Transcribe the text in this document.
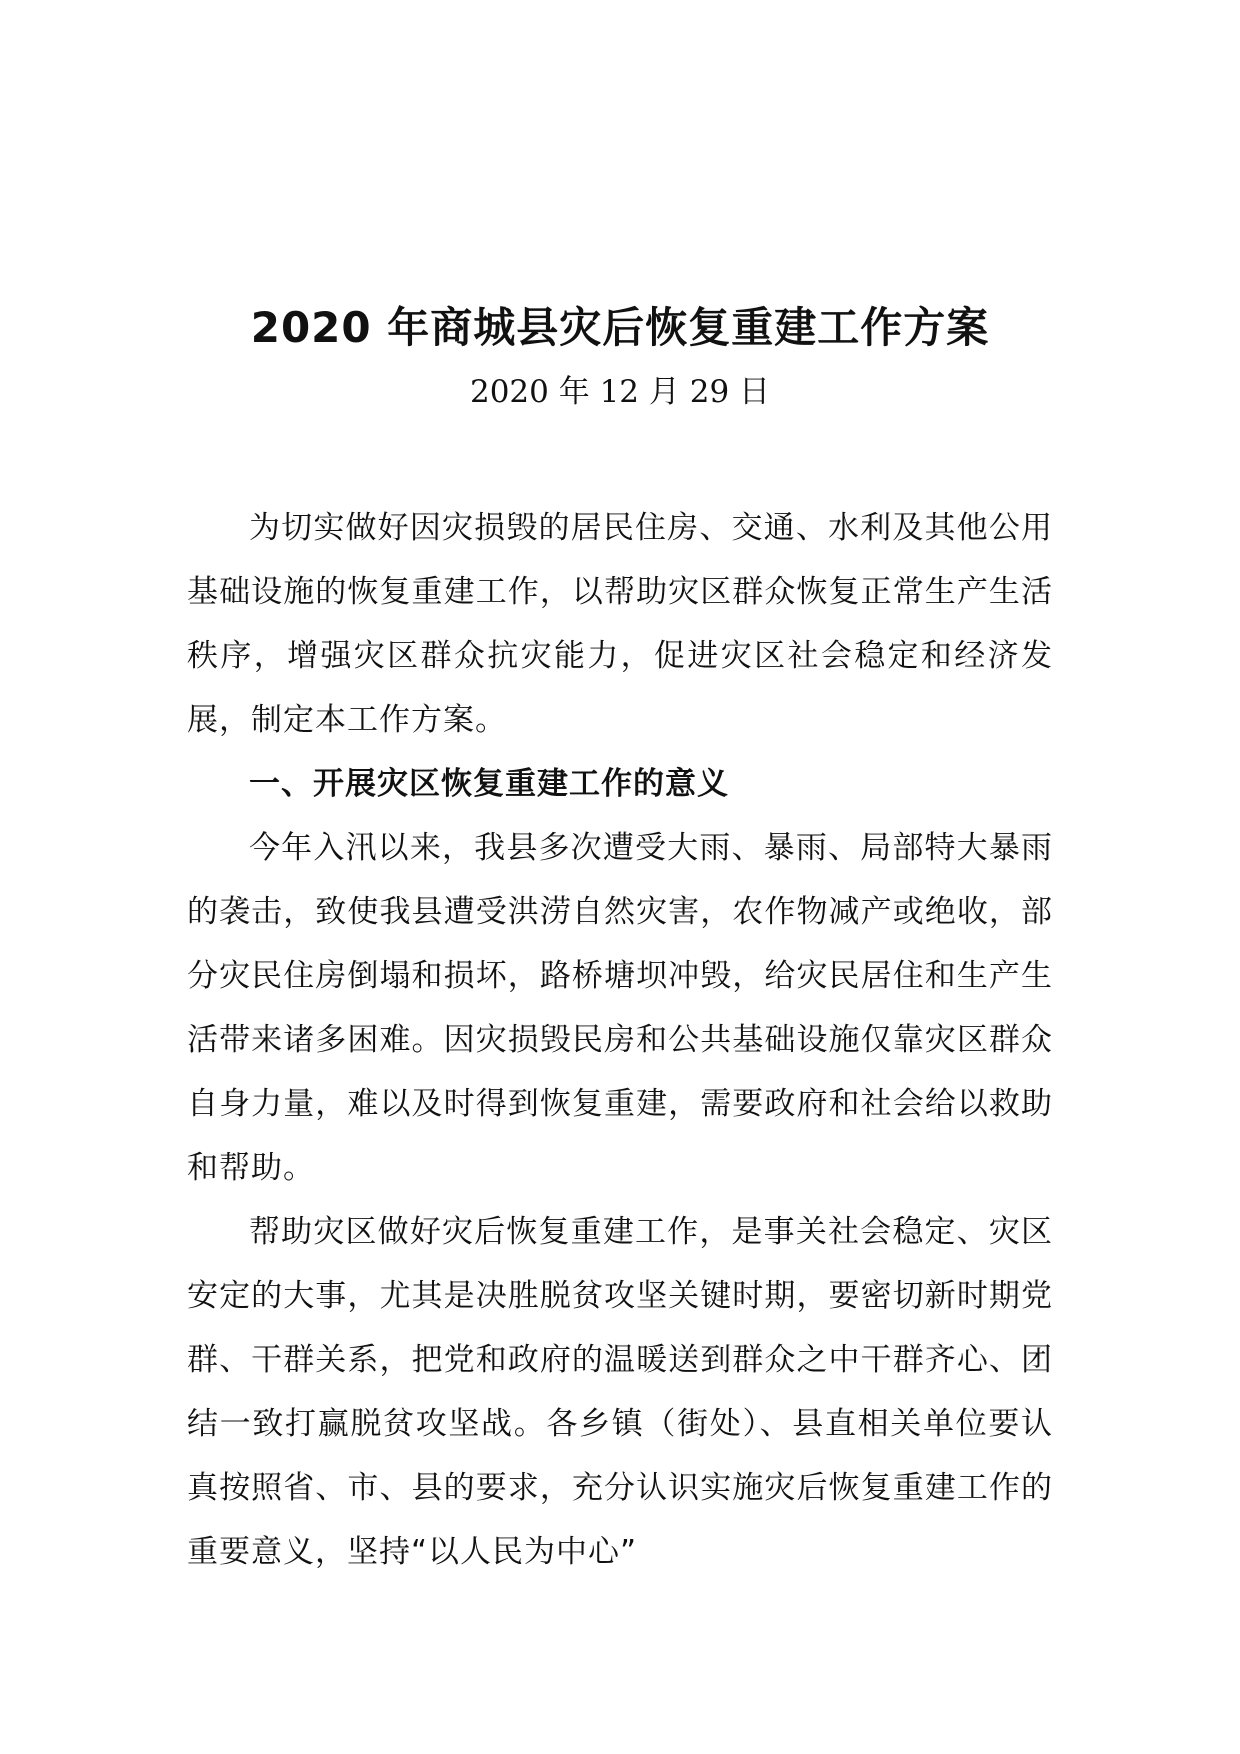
2020 年商城县灾后恢复重建工作方案
2020 年 12 月 29 日

为切实做好因灾损毁的居民住房、交通、水利及其他公用基础设施的恢复重建工作，以帮助灾区群众恢复正常生产生活秩序，增强灾区群众抗灾能力，促进灾区社会稳定和经济发展，制定本工作方案。

一、开展灾区恢复重建工作的意义

今年入汛以来，我县多次遭受大雨、暴雨、局部特大暴雨的袭击，致使我县遭受洪涝自然灾害，农作物减产或绝收，部分灾民住房倒塌和损坏，路桥塘坝冲毁，给灾民居住和生产生活带来诸多困难。因灾损毁民房和公共基础设施仅靠灾区群众自身力量，难以及时得到恢复重建，需要政府和社会给以救助和帮助。

帮助灾区做好灾后恢复重建工作，是事关社会稳定、灾区安定的大事，尤其是决胜脱贫攻坚关键时期，要密切新时期党群、干群关系，把党和政府的温暖送到群众之中干群齐心、团结一致打赢脱贫攻坚战。各乡镇（街处）、县直相关单位要认真按照省、市、县的要求，充分认识实施灾后恢复重建工作的重要意义，坚持“以人民为中心”
